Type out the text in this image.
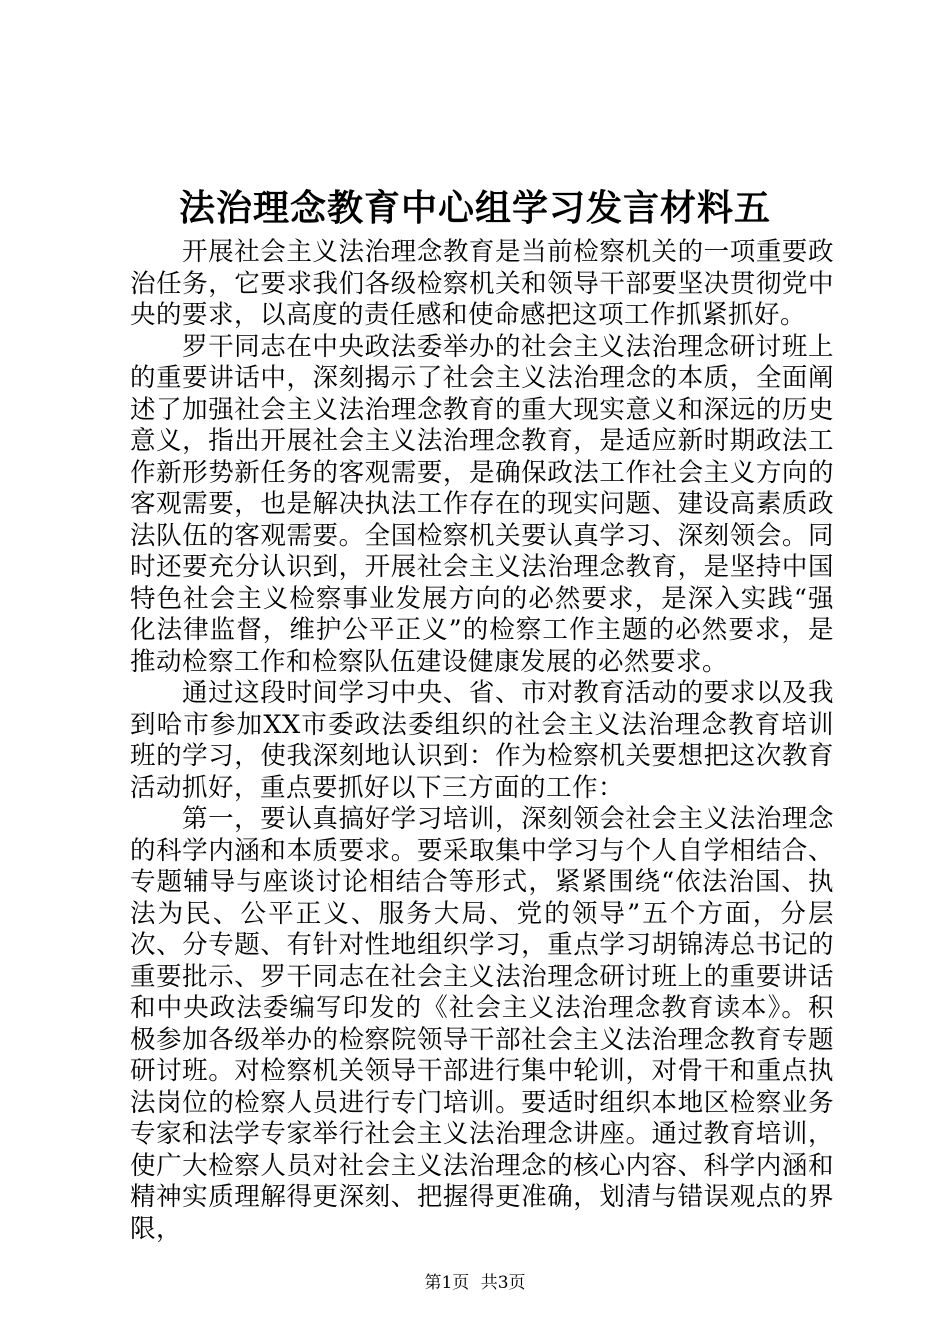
法治理念教育中心组学习发言材料五

开展社会主义法治理念教育是当前检察机关的一项重要政治任务，它要求我们各级检察机关和领导干部要坚决贯彻党中央的要求，以高度的责任感和使命感把这项工作抓紧抓好。

罗干同志在中央政法委举办的社会主义法治理念研讨班上的重要讲话中，深刻揭示了社会主义法治理念的本质，全面阐述了加强社会主义法治理念教育的重大现实意义和深远的历史意义，指出开展社会主义法治理念教育，是适应新时期政法工作新形势新任务的客观需要，是确保政法工作社会主义方向的客观需要，也是解决执法工作存在的现实问题、建设高素质政法队伍的客观需要。全国检察机关要认真学习、深刻领会。同时还要充分认识到，开展社会主义法治理念教育，是坚持中国特色社会主义检察事业发展方向的必然要求，是深入实践“强化法律监督，维护公平正义”的检察工作主题的必然要求，是推动检察工作和检察队伍建设健康发展的必然要求。

通过这段时间学习中央、省、市对教育活动的要求以及我到哈市参加XX市委政法委组织的社会主义法治理念教育培训班的学习，使我深刻地认识到：作为检察机关要想把这次教育活动抓好，重点要抓好以下三方面的工作：

第一，要认真搞好学习培训，深刻领会社会主义法治理念的科学内涵和本质要求。要采取集中学习与个人自学相结合、专题辅导与座谈讨论相结合等形式，紧紧围绕“依法治国、执法为民、公平正义、服务大局、党的领导”五个方面，分层次、分专题、有针对性地组织学习，重点学习胡锦涛总书记的重要批示、罗干同志在社会主义法治理念研讨班上的重要讲话和中央政法委编写印发的《社会主义法治理念教育读本》。积极参加各级举办的检察院领导干部社会主义法治理念教育专题研讨班。对检察机关领导干部进行集中轮训，对骨干和重点执法岗位的检察人员进行专门培训。要适时组织本地区检察业务专家和法学专家举行社会主义法治理念讲座。通过教育培训，使广大检察人员对社会主义法治理念的核心内容、科学内涵和精神实质理解得更深刻、把握得更准确，划清与错误观点的界限，

第1页 共3页
